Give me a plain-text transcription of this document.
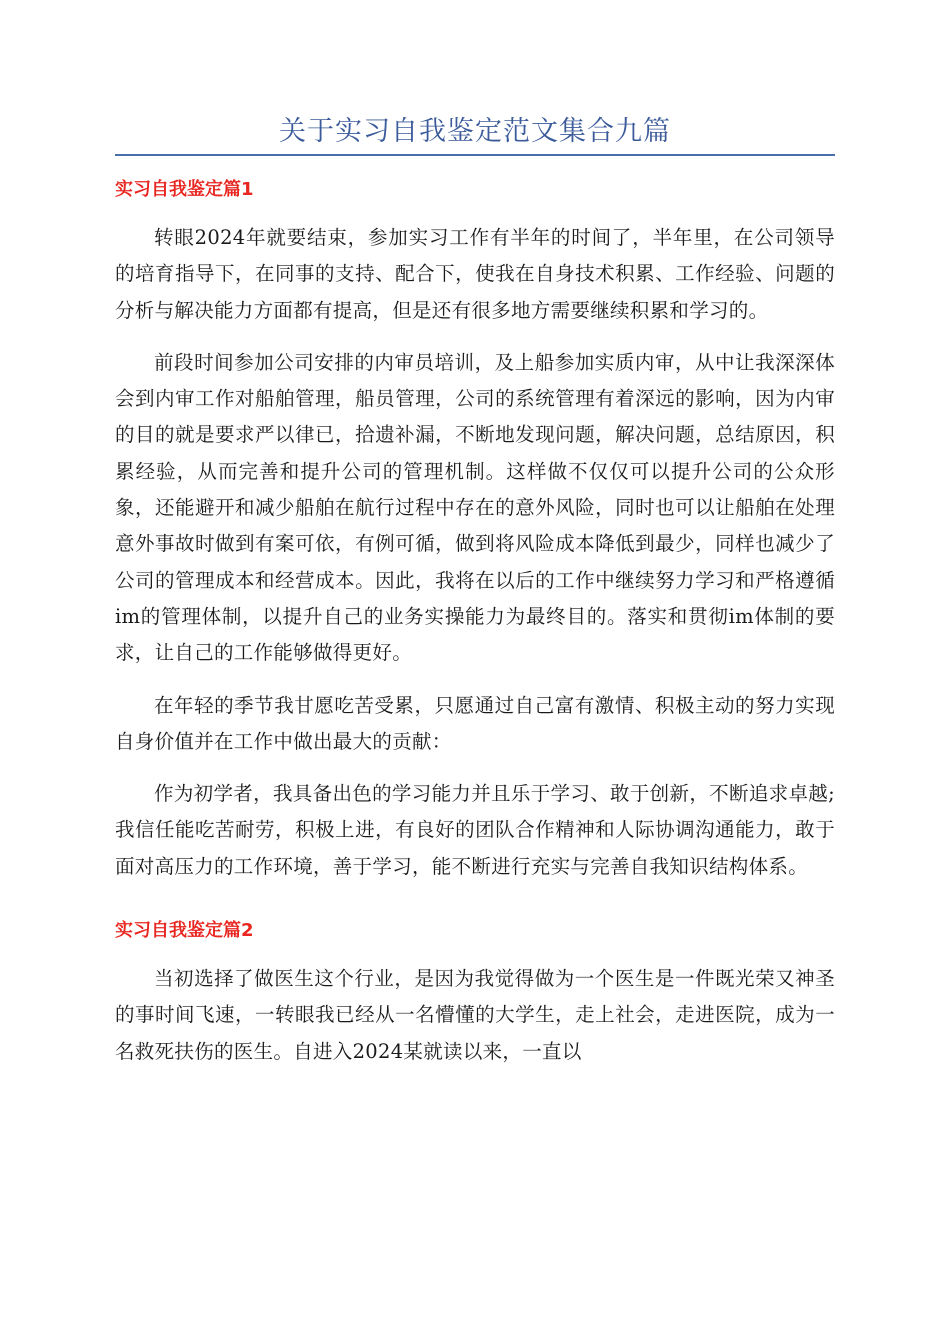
关于实习自我鉴定范文集合九篇
实习自我鉴定篇1

转眼2024年就要结束，参加实习工作有半年的时间了，半年里，在公司领导的培育指导下，在同事的支持、配合下，使我在自身技术积累、工作经验、问题的分析与解决能力方面都有提高，但是还有很多地方需要继续积累和学习的。

前段时间参加公司安排的内审员培训，及上船参加实质内审，从中让我深深体会到内审工作对船舶管理，船员管理，公司的系统管理有着深远的影响，因为内审的目的就是要求严以律已，拾遗补漏，不断地发现问题，解决问题，总结原因，积累经验，从而完善和提升公司的管理机制。这样做不仅仅可以提升公司的公众形象，还能避开和减少船舶在航行过程中存在的意外风险，同时也可以让船舶在处理意外事故时做到有案可依，有例可循，做到将风险成本降低到最少，同样也减少了公司的管理成本和经营成本。因此，我将在以后的工作中继续努力学习和严格遵循im的管理体制，以提升自己的业务实操能力为最终目的。落实和贯彻im体制的要求，让自己的工作能够做得更好。

在年轻的季节我甘愿吃苦受累，只愿通过自己富有激情、积极主动的努力实现自身价值并在工作中做出最大的贡献：

作为初学者，我具备出色的学习能力并且乐于学习、敢于创新，不断追求卓越;我信任能吃苦耐劳，积极上进，有良好的团队合作精神和人际协调沟通能力，敢于面对高压力的工作环境，善于学习，能不断进行充实与完善自我知识结构体系。

实习自我鉴定篇2

当初选择了做医生这个行业，是因为我觉得做为一个医生是一件既光荣又神圣的事时间飞速，一转眼我已经从一名懵懂的大学生，走上社会，走进医院，成为一名救死扶伤的医生。自进入2024某就读以来，一直以
